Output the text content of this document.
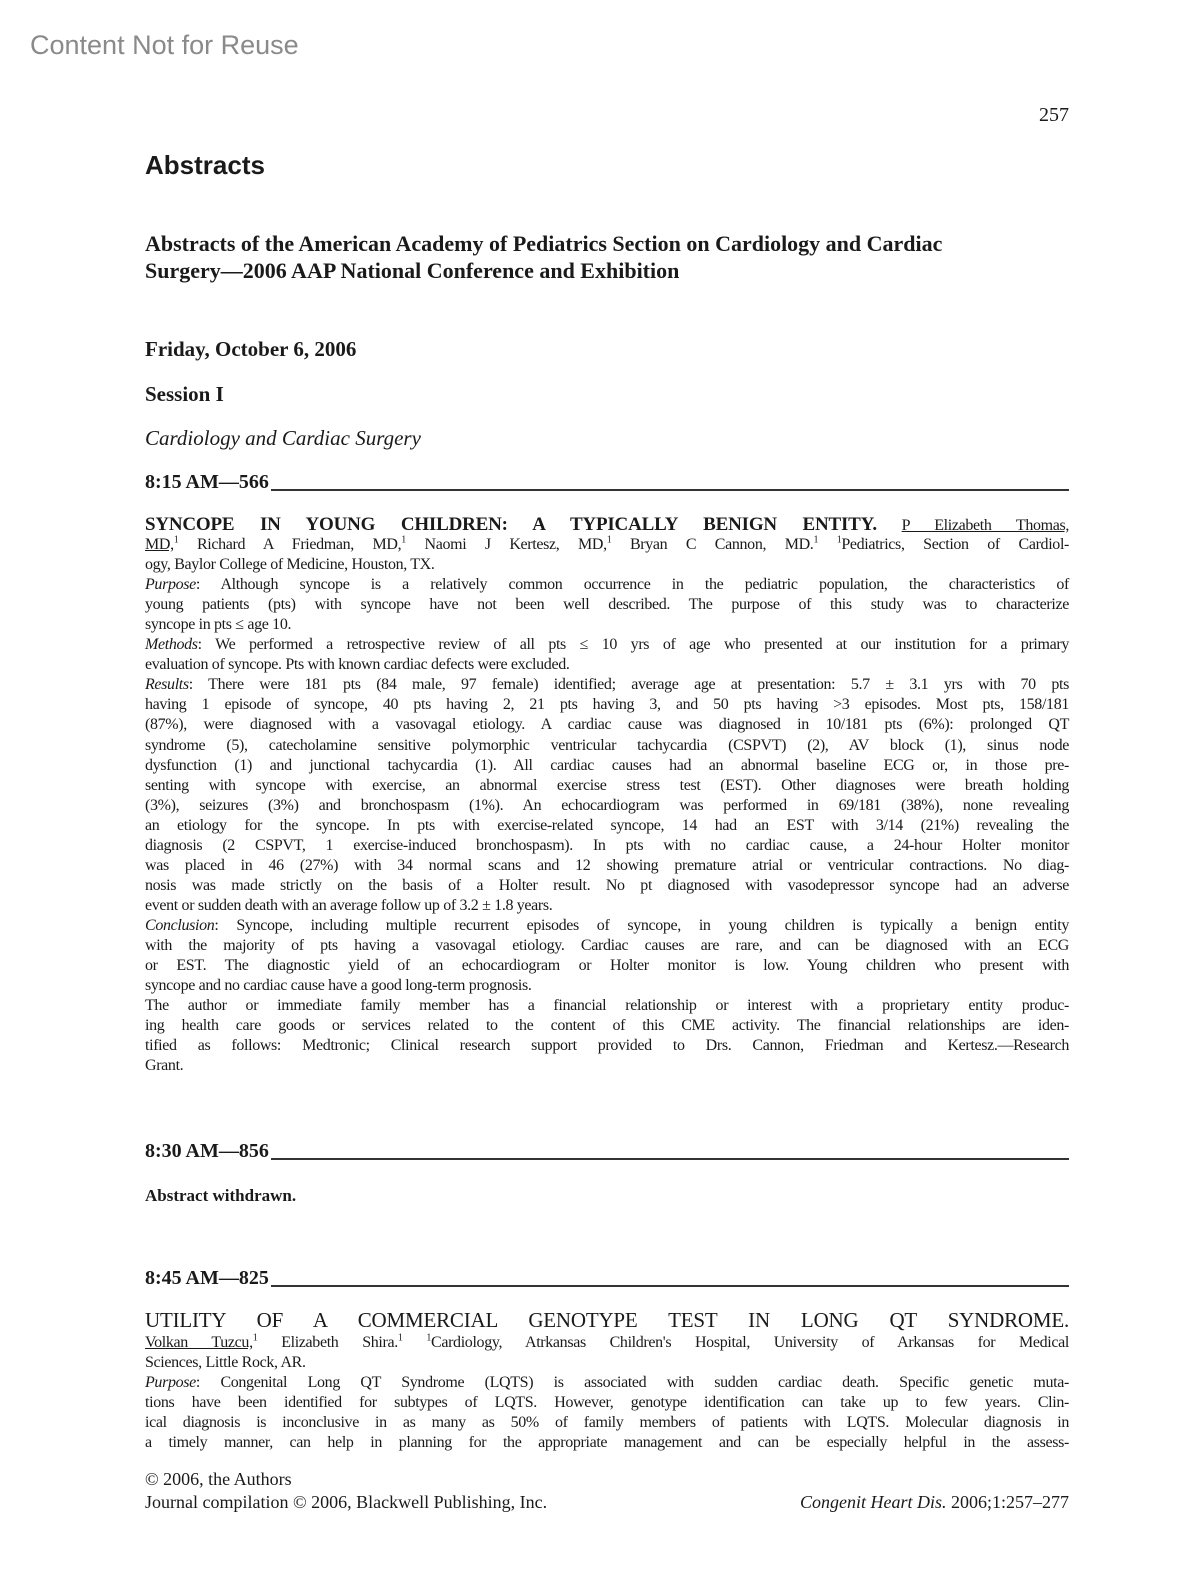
Content Not for Reuse
257
Abstracts
Abstracts of the American Academy of Pediatrics Section on Cardiology and Cardiac
Surgery—2006 AAP National Conference and Exhibition
Friday, October 6, 2006
Session I
Cardiology and Cardiac Surgery
8:15 AM—566
SYNCOPE IN YOUNG CHILDREN: A TYPICALLY BENIGN ENTITY. P Elizabeth Thomas,
MD,$^1$ Richard A Friedman, MD,$^1$ Naomi J Kertesz, MD,$^1$ Bryan C Cannon, MD.$^1$ $^1$Pediatrics, Section of Cardiol-
ogy, Baylor College of Medicine, Houston, TX.
Purpose: Although syncope is a relatively common occurrence in the pediatric population, the characteristics of
young patients (pts) with syncope have not been well described. The purpose of this study was to characterize
syncope in pts ≤ age 10.
Methods: We performed a retrospective review of all pts ≤ 10 yrs of age who presented at our institution for a primary
evaluation of syncope. Pts with known cardiac defects were excluded.
Results: There were 181 pts (84 male, 97 female) identified; average age at presentation: 5.7 ± 3.1 yrs with 70 pts
having 1 episode of syncope, 40 pts having 2, 21 pts having 3, and 50 pts having >3 episodes. Most pts, 158/181
(87%), were diagnosed with a vasovagal etiology. A cardiac cause was diagnosed in 10/181 pts (6%): prolonged QT
syndrome (5), catecholamine sensitive polymorphic ventricular tachycardia (CSPVT) (2), AV block (1), sinus node
dysfunction (1) and junctional tachycardia (1). All cardiac causes had an abnormal baseline ECG or, in those pre-
senting with syncope with exercise, an abnormal exercise stress test (EST). Other diagnoses were breath holding
(3%), seizures (3%) and bronchospasm (1%). An echocardiogram was performed in 69/181 (38%), none revealing
an etiology for the syncope. In pts with exercise-related syncope, 14 had an EST with 3/14 (21%) revealing the
diagnosis (2 CSPVT, 1 exercise-induced bronchospasm). In pts with no cardiac cause, a 24-hour Holter monitor
was placed in 46 (27%) with 34 normal scans and 12 showing premature atrial or ventricular contractions. No diag-
nosis was made strictly on the basis of a Holter result. No pt diagnosed with vasodepressor syncope had an adverse
event or sudden death with an average follow up of 3.2 ± 1.8 years.
Conclusion: Syncope, including multiple recurrent episodes of syncope, in young children is typically a benign entity
with the majority of pts having a vasovagal etiology. Cardiac causes are rare, and can be diagnosed with an ECG
or EST. The diagnostic yield of an echocardiogram or Holter monitor is low. Young children who present with
syncope and no cardiac cause have a good long-term prognosis.
The author or immediate family member has a financial relationship or interest with a proprietary entity produc-
ing health care goods or services related to the content of this CME activity. The financial relationships are iden-
tified as follows: Medtronic; Clinical research support provided to Drs. Cannon, Friedman and Kertesz.—Research
Grant.
8:30 AM—856
Abstract withdrawn.
8:45 AM—825
UTILITY OF A COMMERCIAL GENOTYPE TEST IN LONG QT SYNDROME.
Volkan Tuzcu,$^1$ Elizabeth Shira.$^1$ $^1$Cardiology, Atrkansas Children's Hospital, University of Arkansas for Medical
Sciences, Little Rock, AR.
Purpose: Congenital Long QT Syndrome (LQTS) is associated with sudden cardiac death. Specific genetic muta-
tions have been identified for subtypes of LQTS. However, genotype identification can take up to few years. Clin-
ical diagnosis is inconclusive in as many as 50% of family members of patients with LQTS. Molecular diagnosis in
a timely manner, can help in planning for the appropriate management and can be especially helpful in the assess-
© 2006, the Authors
Journal compilation © 2006, Blackwell Publishing, Inc.	Congenit Heart Dis. 2006;1:257–277
